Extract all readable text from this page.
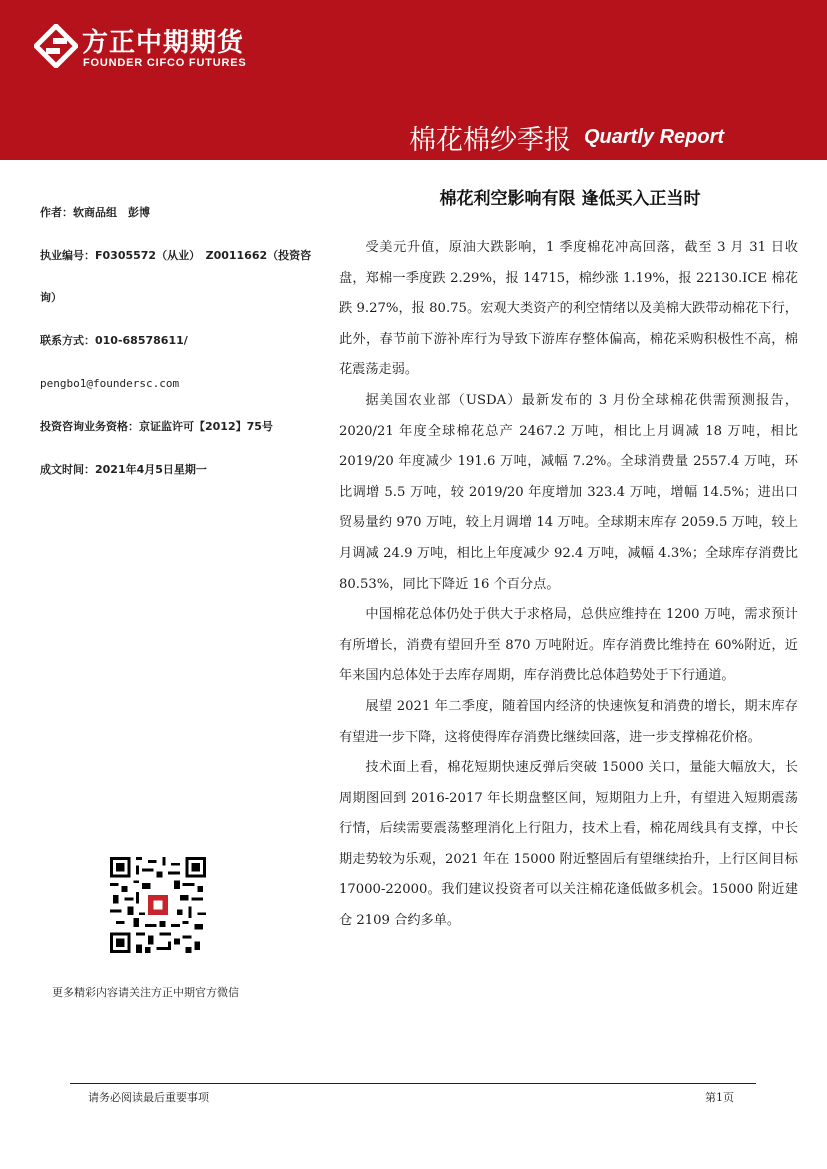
方正中期期货
FOUNDER CIFCO FUTURES
棉花棉纱季报 Quartly Report
作者：软商品组　彭博
执业编号：F0305572（从业）　Z0011662（投资咨
询）
联系方式：010-68578611/
pengbo1@foundersc.com
投资咨询业务资格：京证监许可【2012】75号
成文时间：2021年4月5日星期一
更多精彩内容请关注方正中期官方微信
棉花利空影响有限 逢低买入正当时

受美元升值，原油大跌影响，1 季度棉花冲高回落，截至 3 月 31 日收盘，郑棉一季度跌 2.29%，报 14715，棉纱涨 1.19%，报 22130.ICE 棉花跌 9.27%，报 80.75。宏观大类资产的利空情绪以及美棉大跌带动棉花下行，此外，春节前下游补库行为导致下游库存整体偏高，棉花采购积极性不高，棉花震荡走弱。

据美国农业部（USDA）最新发布的 3 月份全球棉花供需预测报告，2020/21 年度全球棉花总产 2467.2 万吨，相比上月调减 18 万吨，相比 2019/20 年度减少 191.6 万吨，减幅 7.2%。全球消费量 2557.4 万吨，环比调增 5.5 万吨，较 2019/20 年度增加 323.4 万吨，增幅 14.5%；进出口贸易量约 970 万吨，较上月调增 14 万吨。全球期末库存 2059.5 万吨，较上月调减 24.9 万吨，相比上年度减少 92.4 万吨，减幅 4.3%；全球库存消费比 80.53%，同比下降近 16 个百分点。

中国棉花总体仍处于供大于求格局，总供应维持在 1200 万吨，需求预计有所增长，消费有望回升至 870 万吨附近。库存消费比维持在 60%附近，近年来国内总体处于去库存周期，库存消费比总体趋势处于下行通道。

展望 2021 年二季度，随着国内经济的快速恢复和消费的增长，期末库存有望进一步下降，这将使得库存消费比继续回落，进一步支撑棉花价格。

技术面上看，棉花短期快速反弹后突破 15000 关口，量能大幅放大，长周期图回到 2016-2017 年长期盘整区间，短期阻力上升，有望进入短期震荡行情，后续需要震荡整理消化上行阻力，技术上看，棉花周线具有支撑，中长期走势较为乐观，2021 年在 15000 附近整固后有望继续抬升，上行区间目标 17000-22000。我们建议投资者可以关注棉花逢低做多机会。15000 附近建仓 2109 合约多单。

请务必阅读最后重要事项	第1页
